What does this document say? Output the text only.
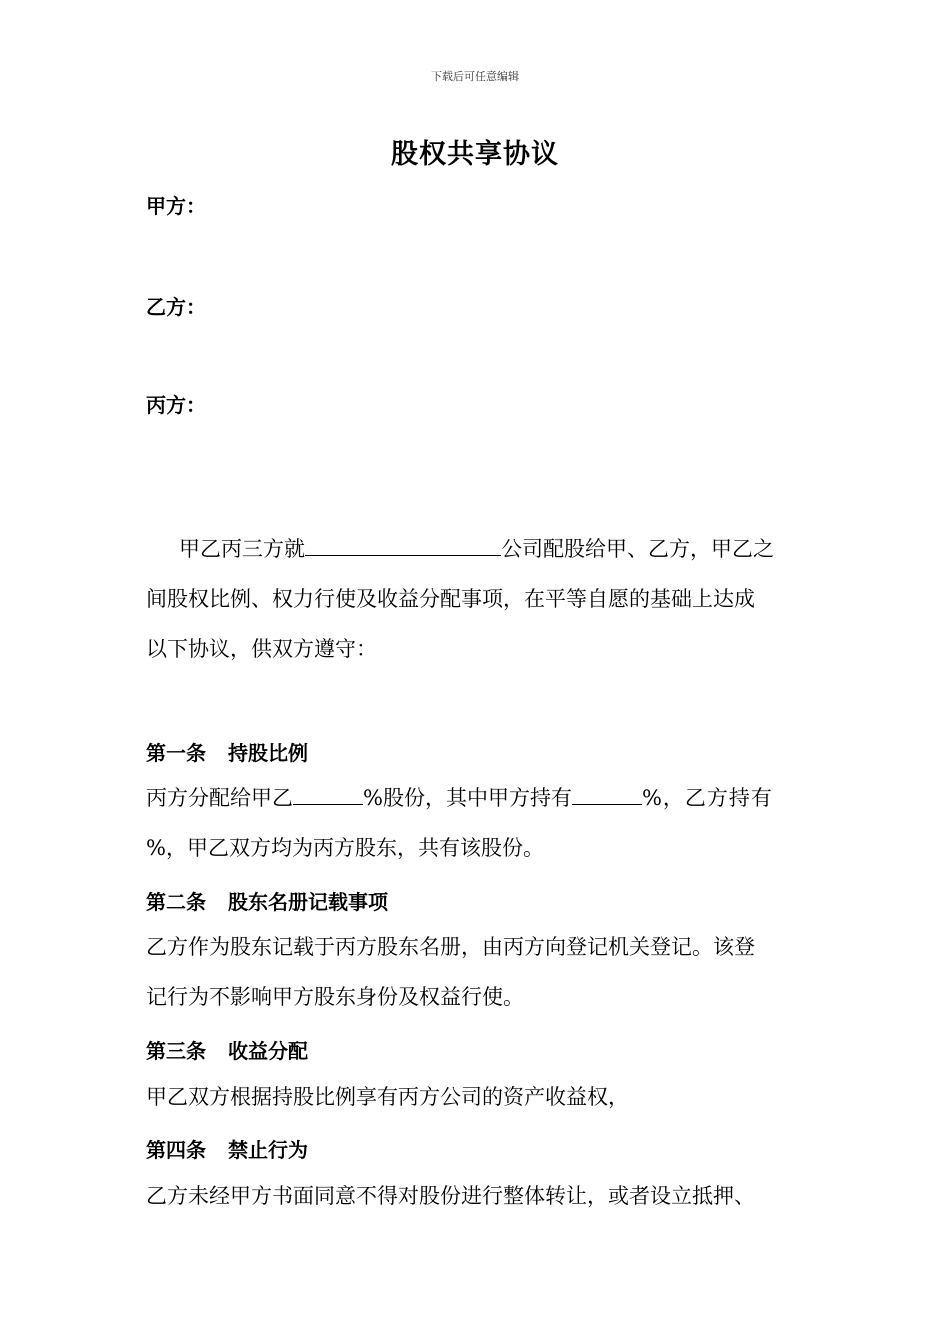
下载后可任意编辑
股权共享协议
甲方：
乙方：
丙方：
甲乙丙三方就	公司配股给甲、乙方，甲乙之
间股权比例、权力行使及收益分配事项，在平等自愿的基础上达成
以下协议，供双方遵守：
第一条 持股比例
丙方分配给甲乙	%股份，其中甲方持有	%，乙方持有
%，甲乙双方均为丙方股东，共有该股份。
第二条 股东名册记载事项
乙方作为股东记载于丙方股东名册，由丙方向登记机关登记。该登
记行为不影响甲方股东身份及权益行使。
第三条 收益分配
甲乙双方根据持股比例享有丙方公司的资产收益权，
第四条 禁止行为
乙方未经甲方书面同意不得对股份进行整体转让，或者设立抵押、
